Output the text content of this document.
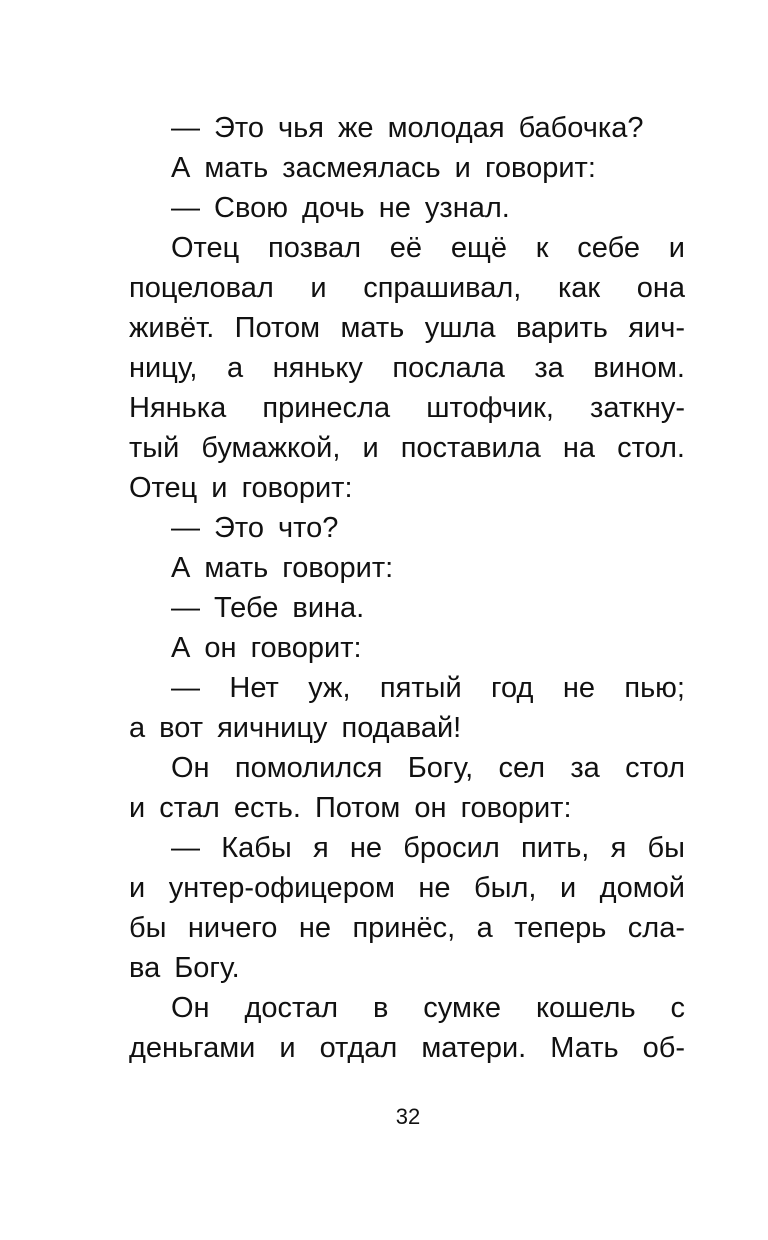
— Это чья же молодая бабочка?
А мать засмеялась и говорит:
— Свою дочь не узнал.
Отец позвал её ещё к себе и
поцеловал и спрашивал, как она
живёт. Потом мать ушла варить яич-
ницу, а няньку послала за вином.
Нянька принесла штофчик, заткну-
тый бумажкой, и поставила на стол.
Отец и говорит:
— Это что?
А мать говорит:
— Тебе вина.
А он говорит:
— Нет уж, пятый год не пью;
а вот яичницу подавай!
Он помолился Богу, сел за стол
и стал есть. Потом он говорит:
— Кабы я не бросил пить, я бы
и унтер-офицером не был, и домой
бы ничего не принёс, а теперь сла-
ва Богу.
Он достал в сумке кошель с
деньгами и отдал матери. Мать об-
32
